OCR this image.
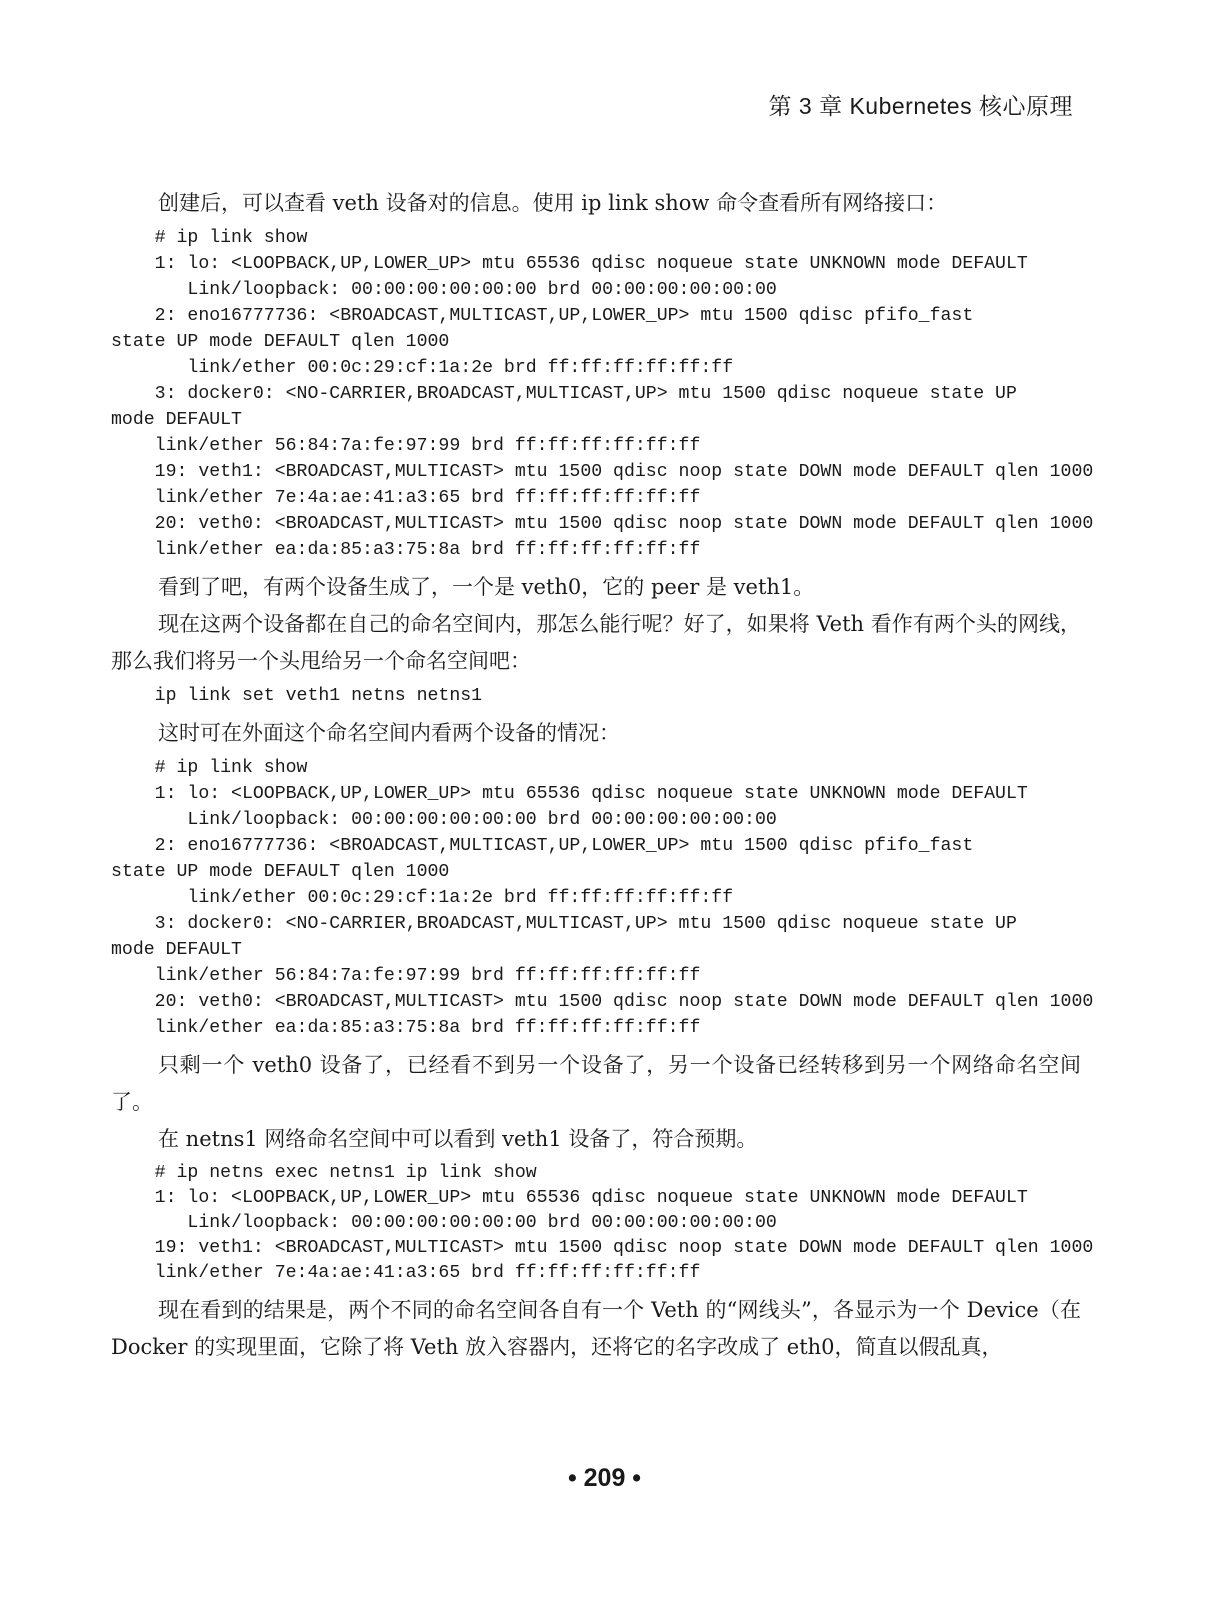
第 3 章 Kubernetes 核心原理

创建后，可以查看 veth 设备对的信息。使用 ip link show 命令查看所有网络接口：

# ip link show
1: lo: <LOOPBACK,UP,LOWER_UP> mtu 65536 qdisc noqueue state UNKNOWN mode DEFAULT
Link/loopback: 00:00:00:00:00:00 brd 00:00:00:00:00:00
2: eno16777736: <BROADCAST,MULTICAST,UP,LOWER_UP> mtu 1500 qdisc pfifo_fast
state UP mode DEFAULT qlen 1000
link/ether 00:0c:29:cf:1a:2e brd ff:ff:ff:ff:ff:ff
3: docker0: <NO-CARRIER,BROADCAST,MULTICAST,UP> mtu 1500 qdisc noqueue state UP
mode DEFAULT
link/ether 56:84:7a:fe:97:99 brd ff:ff:ff:ff:ff:ff
19: veth1: <BROADCAST,MULTICAST> mtu 1500 qdisc noop state DOWN mode DEFAULT qlen 1000
link/ether 7e:4a:ae:41:a3:65 brd ff:ff:ff:ff:ff:ff
20: veth0: <BROADCAST,MULTICAST> mtu 1500 qdisc noop state DOWN mode DEFAULT qlen 1000
link/ether ea:da:85:a3:75:8a brd ff:ff:ff:ff:ff:ff

看到了吧，有两个设备生成了，一个是 veth0，它的 peer 是 veth1。

现在这两个设备都在自己的命名空间内，那怎么能行呢？好了，如果将 Veth 看作有两个头的网线，那么我们将另一个头甩给另一个命名空间吧：

ip link set veth1 netns netns1

这时可在外面这个命名空间内看两个设备的情况：

# ip link show
1: lo: <LOOPBACK,UP,LOWER_UP> mtu 65536 qdisc noqueue state UNKNOWN mode DEFAULT
Link/loopback: 00:00:00:00:00:00 brd 00:00:00:00:00:00
2: eno16777736: <BROADCAST,MULTICAST,UP,LOWER_UP> mtu 1500 qdisc pfifo_fast
state UP mode DEFAULT qlen 1000
link/ether 00:0c:29:cf:1a:2e brd ff:ff:ff:ff:ff:ff
3: docker0: <NO-CARRIER,BROADCAST,MULTICAST,UP> mtu 1500 qdisc noqueue state UP
mode DEFAULT
link/ether 56:84:7a:fe:97:99 brd ff:ff:ff:ff:ff:ff
20: veth0: <BROADCAST,MULTICAST> mtu 1500 qdisc noop state DOWN mode DEFAULT qlen 1000
link/ether ea:da:85:a3:75:8a brd ff:ff:ff:ff:ff:ff

只剩一个 veth0 设备了，已经看不到另一个设备了，另一个设备已经转移到另一个网络命名空间了。

在 netns1 网络命名空间中可以看到 veth1 设备了，符合预期。

# ip netns exec netns1 ip link show
1: lo: <LOOPBACK,UP,LOWER_UP> mtu 65536 qdisc noqueue state UNKNOWN mode DEFAULT
Link/loopback: 00:00:00:00:00:00 brd 00:00:00:00:00:00
19: veth1: <BROADCAST,MULTICAST> mtu 1500 qdisc noop state DOWN mode DEFAULT qlen 1000
link/ether 7e:4a:ae:41:a3:65 brd ff:ff:ff:ff:ff:ff

现在看到的结果是，两个不同的命名空间各自有一个 Veth 的“网线头”，各显示为一个 Device（在 Docker 的实现里面，它除了将 Veth 放入容器内，还将它的名字改成了 eth0，简直以假乱真，

• 209 •
